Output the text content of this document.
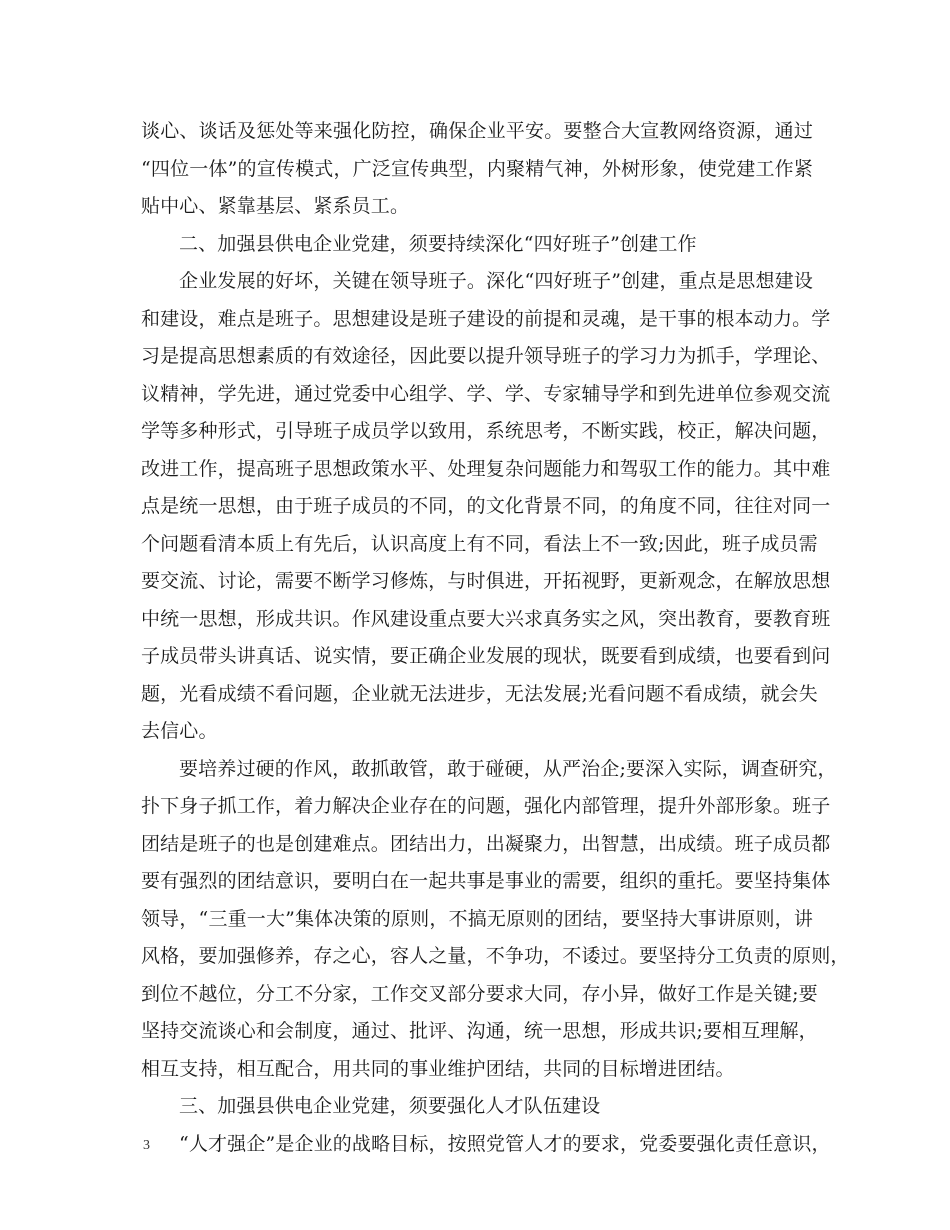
谈心、谈话及惩处等来强化防控，确保企业平安。要整合大宣教网络资源，通过
“四位一体”的宣传模式，广泛宣传典型，内聚精气神，外树形象，使党建工作紧
贴中心、紧靠基层、紧系员工。
二、加强县供电企业党建，须要持续深化“四好班子”创建工作
企业发展的好坏，关键在领导班子。深化“四好班子”创建，重点是思想建设
和建设，难点是班子。思想建设是班子建设的前提和灵魂，是干事的根本动力。学
习是提高思想素质的有效途径，因此要以提升领导班子的学习力为抓手，学理论、
议精神，学先进，通过党委中心组学、学、学、专家辅导学和到先进单位参观交流
学等多种形式，引导班子成员学以致用，系统思考，不断实践，校正，解决问题，
改进工作，提高班子思想政策水平、处理复杂问题能力和驾驭工作的能力。其中难
点是统一思想，由于班子成员的不同，的文化背景不同，的角度不同，往往对同一
个问题看清本质上有先后，认识高度上有不同，看法上不一致;因此，班子成员需
要交流、讨论，需要不断学习修炼，与时俱进，开拓视野，更新观念，在解放思想
中统一思想，形成共识。作风建设重点要大兴求真务实之风，突出教育，要教育班
子成员带头讲真话、说实情，要正确企业发展的现状，既要看到成绩，也要看到问
题，光看成绩不看问题，企业就无法进步，无法发展;光看问题不看成绩，就会失
去信心。
要培养过硬的作风，敢抓敢管，敢于碰硬，从严治企;要深入实际，调查研究，
扑下身子抓工作，着力解决企业存在的问题，强化内部管理，提升外部形象。班子
团结是班子的也是创建难点。团结出力，出凝聚力，出智慧，出成绩。班子成员都
要有强烈的团结意识，要明白在一起共事是事业的需要，组织的重托。要坚持集体
领导，“三重一大”集体决策的原则，不搞无原则的团结，要坚持大事讲原则，讲
风格，要加强修养，存之心，容人之量，不争功，不诿过。要坚持分工负责的原则，
到位不越位，分工不分家，工作交叉部分要求大同，存小异，做好工作是关键;要
坚持交流谈心和会制度，通过、批评、沟通，统一思想，形成共识;要相互理解，
相互支持，相互配合，用共同的事业维护团结，共同的目标增进团结。
三、加强县供电企业党建，须要强化人才队伍建设
“人才强企”是企业的战略目标，按照党管人才的要求，党委要强化责任意识，
3
